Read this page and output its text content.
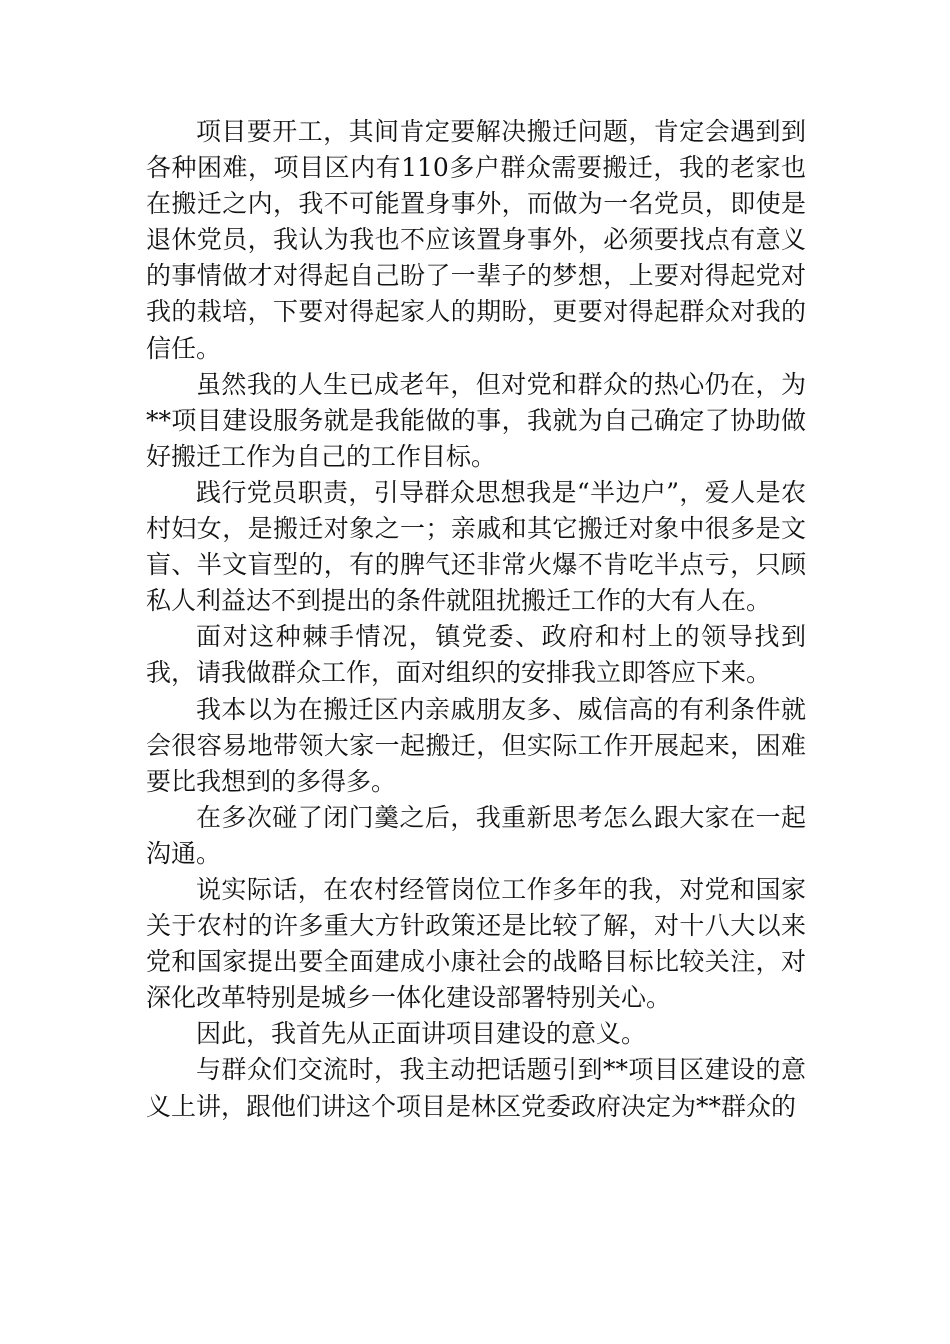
项目要开工，其间肯定要解决搬迁问题，肯定会遇到到各种困难，项目区内有110多户群众需要搬迁，我的老家也在搬迁之内，我不可能置身事外，而做为一名党员，即使是退休党员，我认为我也不应该置身事外，必须要找点有意义的事情做才对得起自己盼了一辈子的梦想，上要对得起党对我的栽培，下要对得起家人的期盼，更要对得起群众对我的信任。

虽然我的人生已成老年，但对党和群众的热心仍在，为**项目建设服务就是我能做的事，我就为自己确定了协助做好搬迁工作为自己的工作目标。

践行党员职责，引导群众思想我是“半边户”，爱人是农村妇女，是搬迁对象之一；亲戚和其它搬迁对象中很多是文盲、半文盲型的，有的脾气还非常火爆不肯吃半点亏，只顾私人利益达不到提出的条件就阻扰搬迁工作的大有人在。

面对这种棘手情况，镇党委、政府和村上的领导找到我，请我做群众工作，面对组织的安排我立即答应下来。

我本以为在搬迁区内亲戚朋友多、威信高的有利条件就会很容易地带领大家一起搬迁，但实际工作开展起来，困难要比我想到的多得多。

在多次碰了闭门羹之后，我重新思考怎么跟大家在一起沟通。

说实际话，在农村经管岗位工作多年的我，对党和国家关于农村的许多重大方针政策还是比较了解，对十八大以来党和国家提出要全面建成小康社会的战略目标比较关注，对深化改革特别是城乡一体化建设部署特别关心。

因此，我首先从正面讲项目建设的意义。

与群众们交流时，我主动把话题引到**项目区建设的意义上讲，跟他们讲这个项目是林区党委政府决定为**群众的
